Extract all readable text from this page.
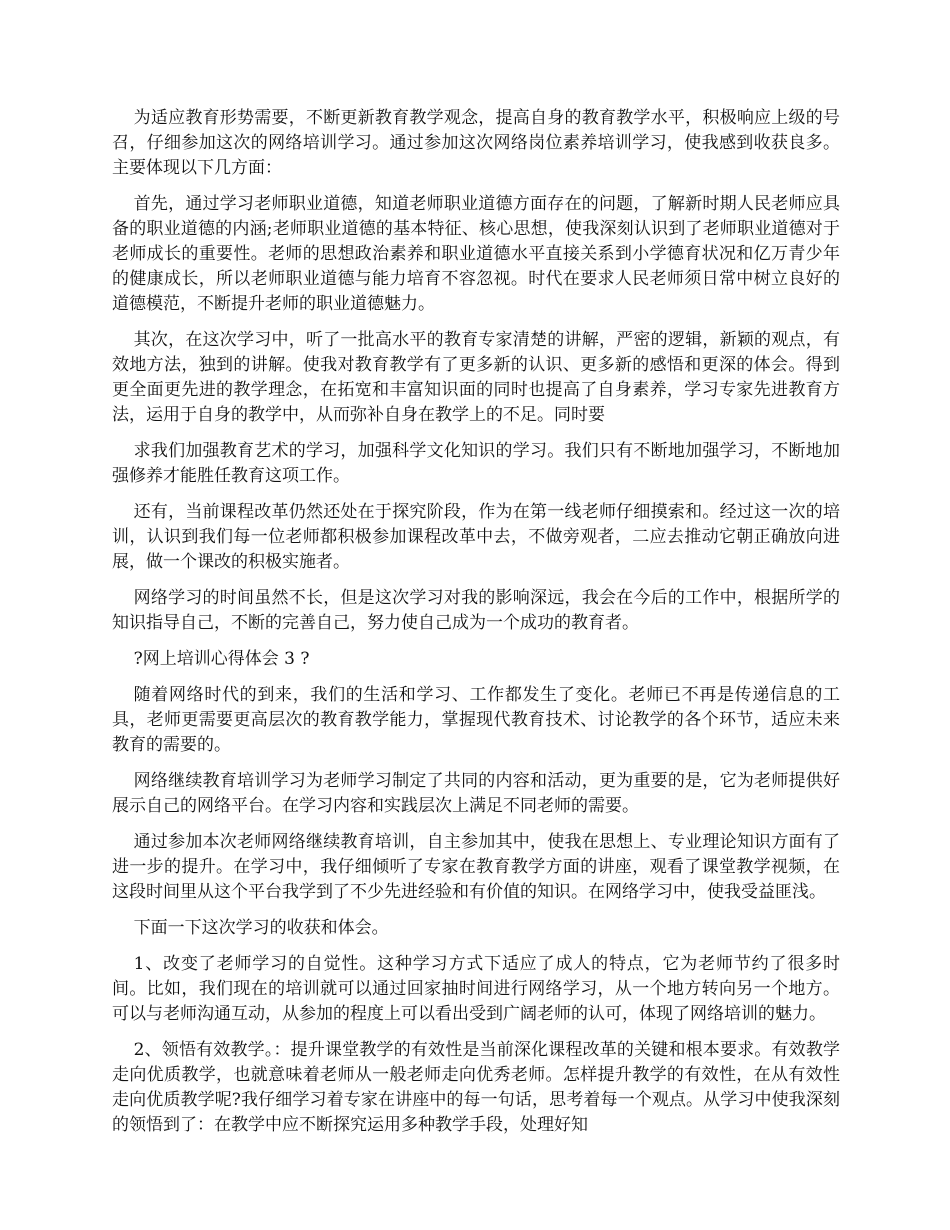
为适应教育形势需要，不断更新教育教学观念，提高自身的教育教学水平，积极响应上级的号召，仔细参加这次的网络培训学习。通过参加这次网络岗位素养培训学习，使我感到收获良多。主要体现以下几方面：

首先，通过学习老师职业道德，知道老师职业道德方面存在的问题，了解新时期人民老师应具备的职业道德的内涵;老师职业道德的基本特征、核心思想，使我深刻认识到了老师职业道德对于老师成长的重要性。老师的思想政治素养和职业道德水平直接关系到小学德育状况和亿万青少年的健康成长，所以老师职业道德与能力培育不容忽视。时代在要求人民老师须日常中树立良好的道德模范，不断提升老师的职业道德魅力。

其次，在这次学习中，听了一批高水平的教育专家清楚的讲解，严密的逻辑，新颖的观点，有效地方法，独到的讲解。使我对教育教学有了更多新的认识、更多新的感悟和更深的体会。得到更全面更先进的教学理念，在拓宽和丰富知识面的同时也提高了自身素养，学习专家先进教育方法，运用于自身的教学中，从而弥补自身在教学上的不足。同时要

求我们加强教育艺术的学习，加强科学文化知识的学习。我们只有不断地加强学习，不断地加强修养才能胜任教育这项工作。

还有，当前课程改革仍然还处在于探究阶段，作为在第一线老师仔细摸索和。经过这一次的培训，认识到我们每一位老师都积极参加课程改革中去，不做旁观者，二应去推动它朝正确放向进展，做一个课改的积极实施者。

网络学习的时间虽然不长，但是这次学习对我的影响深远，我会在今后的工作中，根据所学的知识指导自己，不断的完善自己，努力使自己成为一个成功的教育者。

?网上培训心得体会 3 ?

随着网络时代的到来，我们的生活和学习、工作都发生了变化。老师已不再是传递信息的工具，老师更需要更高层次的教育教学能力，掌握现代教育技术、讨论教学的各个环节，适应未来教育的需要的。

网络继续教育培训学习为老师学习制定了共同的内容和活动，更为重要的是，它为老师提供好展示自己的网络平台。在学习内容和实践层次上满足不同老师的需要。

通过参加本次老师网络继续教育培训，自主参加其中，使我在思想上、专业理论知识方面有了进一步的提升。在学习中，我仔细倾听了专家在教育教学方面的讲座，观看了课堂教学视频，在这段时间里从这个平台我学到了不少先进经验和有价值的知识。在网络学习中，使我受益匪浅。

下面一下这次学习的收获和体会。

1、改变了老师学习的自觉性。这种学习方式下适应了成人的特点，它为老师节约了很多时间。比如，我们现在的培训就可以通过回家抽时间进行网络学习，从一个地方转向另一个地方。可以与老师沟通互动，从参加的程度上可以看出受到广阔老师的认可，体现了网络培训的魅力。

2、领悟有效教学。：提升课堂教学的有效性是当前深化课程改革的关键和根本要求。有效教学走向优质教学，也就意味着老师从一般老师走向优秀老师。怎样提升教学的有效性，在从有效性走向优质教学呢?我仔细学习着专家在讲座中的每一句话，思考着每一个观点。从学习中使我深刻的领悟到了：在教学中应不断探究运用多种教学手段，处理好知
